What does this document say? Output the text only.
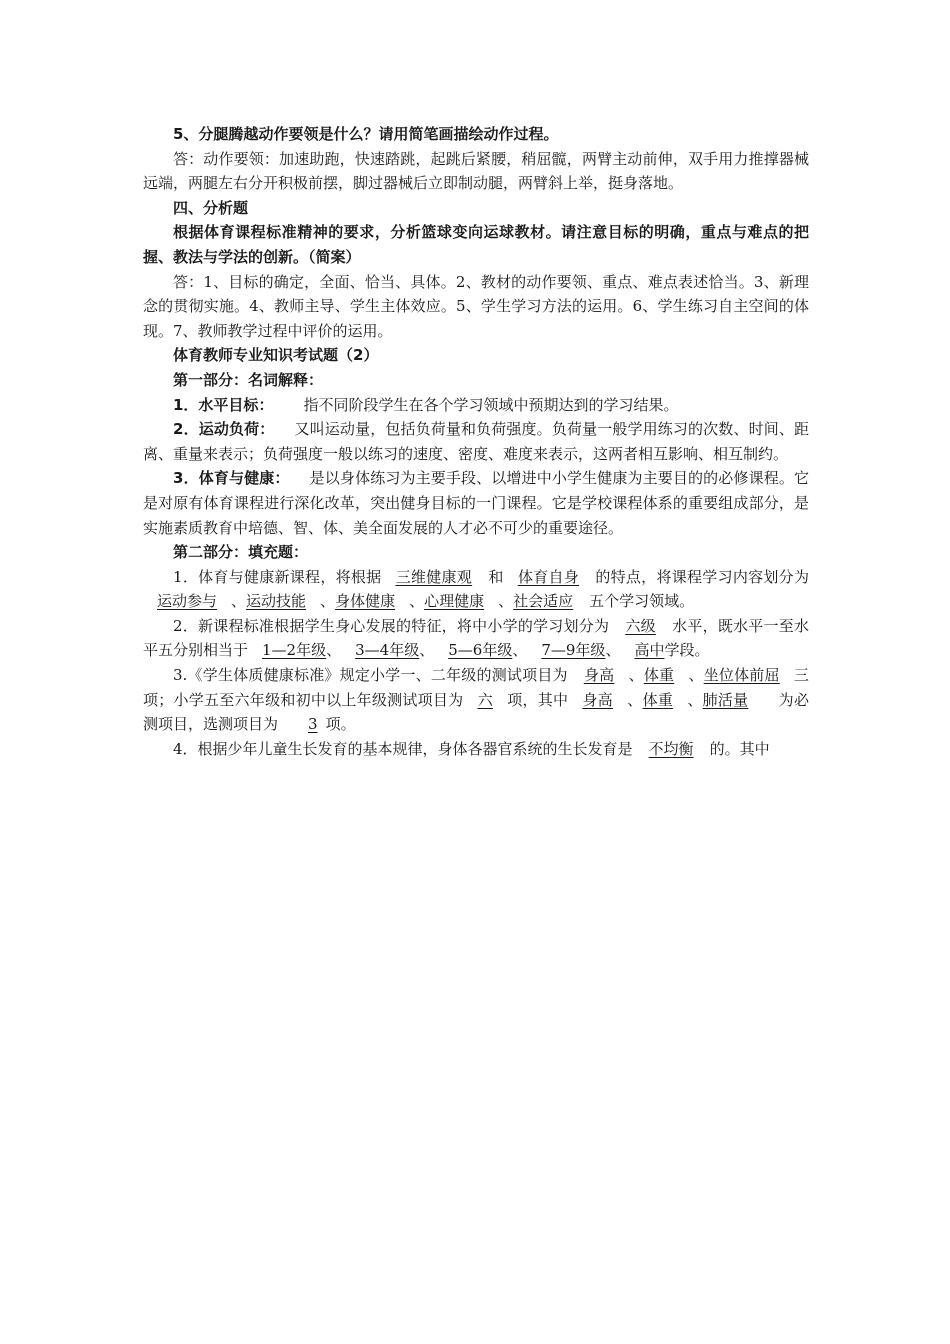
5、分腿腾越动作要领是什么？请用简笔画描绘动作过程。

答：动作要领：加速助跑，快速踏跳，起跳后紧腰，稍屈髋，两臂主动前伸，双手用力推撑器械远端，两腿左右分开积极前摆，脚过器械后立即制动腿，两臂斜上举，挺身落地。

四、分析题

根据体育课程标准精神的要求，分析篮球变向运球教材。请注意目标的明确，重点与难点的把握、教法与学法的创新。（简案）

答：1、目标的确定，全面、恰当、具体。2、教材的动作要领、重点、难点表述恰当。3、新理念的贯彻实施。4、教师主导、学生主体效应。5、学生学习方法的运用。6、学生练习自主空间的体现。7、教师教学过程中评价的运用。

体育教师专业知识考试题（2）

第一部分：名词解释：

1．水平目标： 指不同阶段学生在各个学习领域中预期达到的学习结果。

2．运动负荷： 又叫运动量，包括负荷量和负荷强度。负荷量一般学用练习的次数、时间、距离、重量来表示；负荷强度一般以练习的速度、密度、难度来表示，这两者相互影响、相互制约。

3．体育与健康： 是以身体练习为主要手段、以增进中小学生健康为主要目的的必修课程。它是对原有体育课程进行深化改革，突出健身目标的一门课程。它是学校课程体系的重要组成部分，是实施素质教育中培德、智、体、美全面发展的人才必不可少的重要途径。

第二部分：填充题：

1．体育与健康新课程，将根据 三维健康观 和 体育自身 的特点，将课程学习内容划分为运动参与 、运动技能 、身体健康 、心理健康 、社会适应 五个学习领域。

2．新课程标准根据学生身心发展的特征，将中小学的学习划分为 六级 水平，既水平一至水平五分别相当于 1—2年级、 3—4年级、 5—6年级、 7—9年级、 高中学段。

3.《学生体质健康标准》规定小学一、二年级的测试项目为 身高 、体重 、坐位体前屈 三项；小学五至六年级和初中以上年级测试项目为 六 项，其中 身高 、体重 、肺活量 为必测项目，选测项目为 3 项。

4．根据少年儿童生长发育的基本规律，身体各器官系统的生长发育是 不均衡 的。其中
